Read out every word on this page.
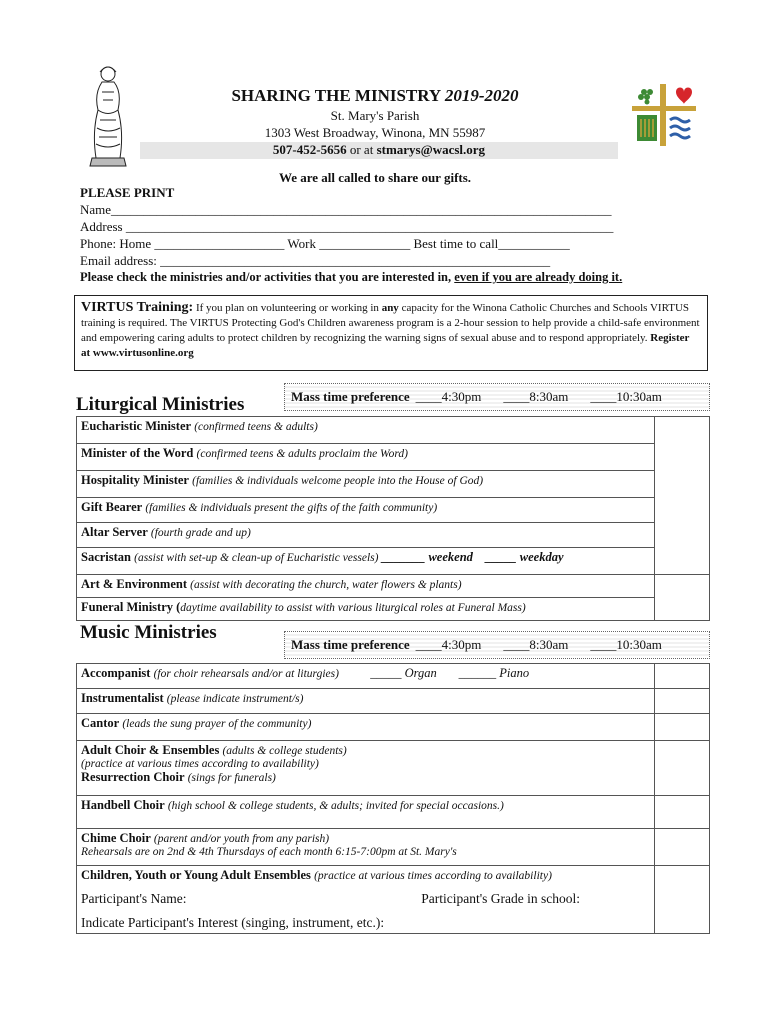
SHARING THE MINISTRY 2019-2020
St. Mary's Parish
1303 West Broadway, Winona, MN 55987
507-452-5656 or at stmarys@wacsl.org
We are all called to share our gifts.
PLEASE PRINT
Name_____________________________________________________________________________
Address ___________________________________________________________________________
Phone: Home ____________________ Work ______________ Best time to call___________
Email address: ____________________________________________________________
Please check the ministries and/or activities that you are interested in, even if you are already doing it.
VIRTUS Training: If you plan on volunteering or working in any capacity for the Winona Catholic Churches and Schools VIRTUS training is required. The VIRTUS Protecting God's Children awareness program is a 2-hour session to help provide a child-safe environment and empowering caring adults to protect children by recognizing the warning signs of sexual abuse and to respond appropriately. Register at www.virtusonline.org
Liturgical Ministries	Mass time preference ____4:30pm ____8:30am ____10:30am
Eucharistic Minister (confirmed teens & adults)	
Minister of the Word (confirmed teens & adults proclaim the Word)	
Hospitality Minister (families & individuals welcome people into the House of God)	
Gift Bearer (families & individuals present the gifts of the faith community)	
Altar Server (fourth grade and up)	
Sacristan (assist with set-up & clean-up of Eucharistic vessels) _______ weekend _____ weekday	
Art & Environment (assist with decorating the church, water flowers & plants)	
Funeral Ministry (daytime availability to assist with various liturgical roles at Funeral Mass)	
Music Ministries
Mass time preference ____4:30pm ____8:30am ____10:30am
Accompanist (for choir rehearsals and/or at liturgies) _____ Organ ______ Piano	
Instrumentalist (please indicate instrument/s)	
Cantor (leads the sung prayer of the community)	
Adult Choir & Ensembles (adults & college students)
(practice at various times according to availability)
Resurrection Choir (sings for funerals)	
Handbell Choir (high school & college students, & adults; invited for special occasions.)	
Chime Choir (parent and/or youth from any parish)
Rehearsals are on 2nd & 4th Thursdays of each month 6:15-7:00pm at St. Mary's	

Children, Youth or Young Adult Ensembles (practice at various times according to availability)
Participant's Name: Participant's Grade in school:
Indicate Participant's Interest (singing, instrument, etc.):	
